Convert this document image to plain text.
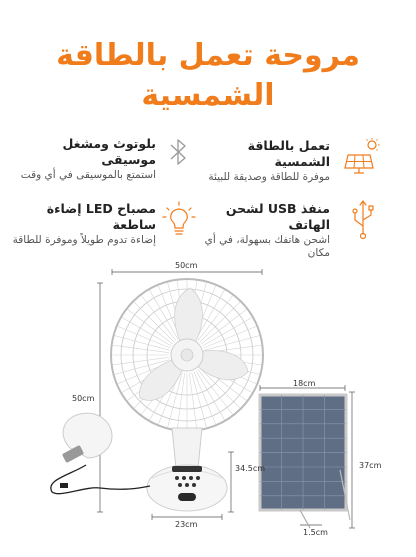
مروحة تعمل بالطاقة
الشمسية
تعمل بالطاقة الشمسية
موفرة للطاقة وصديقة للبيئة
بلوتوث ومشغل موسيقى
استمتع بالموسيقى في أي وقت
منفذ USB لشحن الهاتف
اشحن هاتفك بسهولة، في أي مكان
مصباح LED إضاءة ساطعة
إضاءة تدوم طويلاً وموفرة للطاقة
50cm
50cm
23cm
34.5cm
18cm
37cm
1.5cm
